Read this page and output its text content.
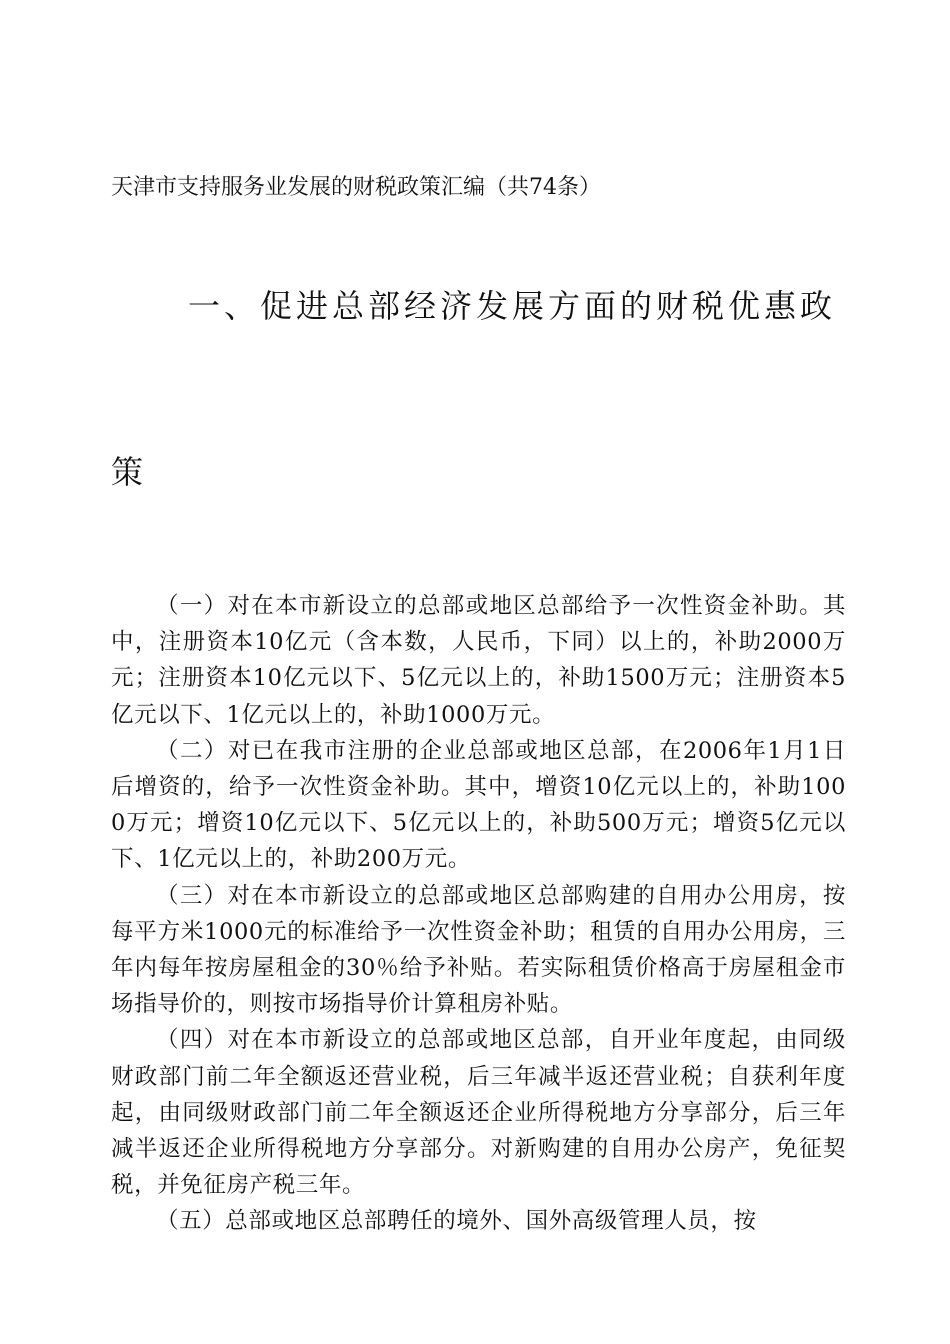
天津市支持服务业发展的财税政策汇编（共74条）
一、促进总部经济发展方面的财税优惠政
策

（一）对在本市新设立的总部或地区总部给予一次性资金补助。其中，注册资本10亿元（含本数，人民币，下同）以上的，补助2000万元；注册资本10亿元以下、5亿元以上的，补助1500万元；注册资本5亿元以下、1亿元以上的，补助1000万元。

（二）对已在我市注册的企业总部或地区总部，在2006年1月1日后增资的，给予一次性资金补助。其中，增资10亿元以上的，补助1000万元；增资10亿元以下、5亿元以上的，补助500万元；增资5亿元以下、1亿元以上的，补助200万元。

（三）对在本市新设立的总部或地区总部购建的自用办公用房，按每平方米1000元的标准给予一次性资金补助；租赁的自用办公用房，三年内每年按房屋租金的30％给予补贴。若实际租赁价格高于房屋租金市场指导价的，则按市场指导价计算租房补贴。

（四）对在本市新设立的总部或地区总部，自开业年度起，由同级财政部门前二年全额返还营业税，后三年减半返还营业税；自获利年度起，由同级财政部门前二年全额返还企业所得税地方分享部分，后三年减半返还企业所得税地方分享部分。对新购建的自用办公房产，免征契税，并免征房产税三年。

（五）总部或地区总部聘任的境外、国外高级管理人员，按
